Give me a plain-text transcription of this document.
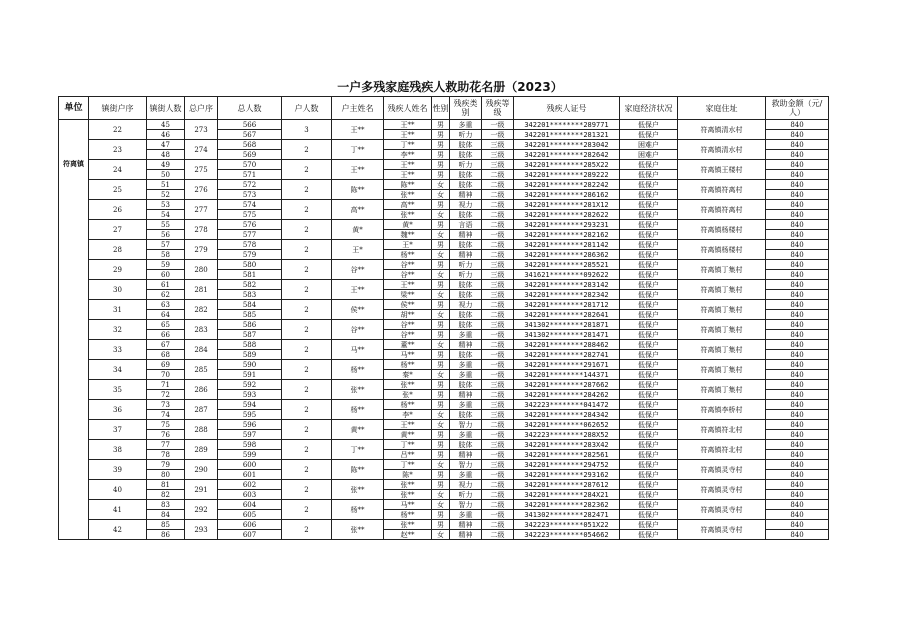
一户多残家庭残疾人救助花名册（2023）
单位	镇街户序	镇街人数	总户序	总人数	户人数	户主姓名	残疾人姓名	性别	残疾类别	残疾等级	残疾人证号	家庭经济状况	家庭住址	救助金额（元/人）
符离镇	22	45	273	566	3	王**	王**	男	多重	一级	342201********289771	低保户	符离镇清水村	840
		46		567			王**	男	听力	一级	342201********281321	低保户		840
	23	47	274	568	2	丁**	丁**	男	肢体	三级	342201********283042	困难户	符离镇清水村	840
		48		569			李**	男	肢体	三级	342201********282642	困难户		840
	24	49	275	570	2	王**	王**	男	听力	三级	342201********285X22	低保户	符离镇王楼村	840
		50		571			王**	男	肢体	二级	342201********289222	低保户		840
	25	51	276	572	2	陈**	陈**	女	肢体	二级	342201********282242	低保户	符离镇符离村	840
		52		573			张**	女	精神	二级	342201********286162	低保户		840
	26	53	277	574	2	高**	高**	男	视力	二级	342201********281X12	低保户	符离镇符离村	840
		54		575			张**	女	肢体	二级	342201********282622	低保户		840
	27	55	278	576	2	黄*	黄*	男	言语	二级	342201********293231	低保户	符离镇杨楼村	840
		56		577			魏**	女	精神	一级	342201********282162	低保户		840
	28	57	279	578	2	王*	王*	男	肢体	二级	342201********281142	低保户	符离镇杨楼村	840
		58		579			杨**	女	精神	二级	342201********286362	低保户		840
	29	59	280	580	2	谷**	谷**	男	听力	三级	342201********285521	低保户	符离镇丁集村	840
		60		581			谷**	女	听力	三级	341621********092622	低保户		840
	30	61	281	582	2	王**	王**	男	肢体	三级	342201********283142	低保户	符离镇丁集村	840
		62		583			梁**	女	肢体	三级	342201********282342	低保户		840
	31	63	282	584	2	侯**	侯**	男	视力	二级	342201********281712	低保户	符离镇丁集村	840
		64		585			胡**	女	肢体	二级	342201********282641	低保户		840
	32	65	283	586	2	谷**	谷**	男	肢体	三级	341302********281871	低保户	符离镇丁集村	840
		66		587			谷**	男	多重	一级	341302********281471	低保户		840
	33	67	284	588	2	马**	董**	女	精神	二级	342201********288462	低保户	符离镇丁集村	840
		68		589			马**	男	肢体	一级	342201********282741	低保户		840
	34	69	285	590	2	杨**	杨**	男	多重	一级	342201********291671	低保户	符离镇丁集村	840
		70		591			秦*	女	多重	一级	342201********144371	低保户		840
	35	71	286	592	2	张**	张**	男	肢体	三级	342201********287662	低保户	符离镇丁集村	840
		72		593			张*	男	精神	二级	342201********284262	低保户		840
	36	73	287	594	2	杨**	杨**	男	多重	三级	342223********041472	低保户	符离镇李桥村	840
		74		595			李*	女	肢体	三级	342201********284342	低保户		840
	37	75	288	596	2	黄**	王**	女	智力	二级	342201********062652	低保户	符离镇符北村	840
		76		597			黄**	男	多重	一级	342223********288X52	低保户		840
	38	77	289	598	2	丁**	丁**	男	肢体	三级	342201********283X42	低保户	符离镇符北村	840
		78		599			吕**	男	精神	一级	342201********282561	低保户		840
	39	79	290	600	2	陈**	丁**	女	智力	三级	342201********294752	低保户	符离镇灵寺村	840
		80		601			陈*	男	多重	一级	342201********293162	低保户		840
	40	81	291	602	2	张**	张**	男	视力	二级	342201********287612	低保户	符离镇灵寺村	840
		82		603			张**	女	听力	二级	342201********284X21	低保户		840
	41	83	292	604	2	杨**	马**	女	智力	二级	342201********282362	低保户	符离镇灵寺村	840
		84		605			杨**	男	多重	一级	341302********282471	低保户		840
	42	85	293	606	2	张**	张**	男	精神	二级	342223********051X22	低保户	符离镇灵寺村	840
		86		607			赵**	女	精神	二级	342223********054662	低保户		840
